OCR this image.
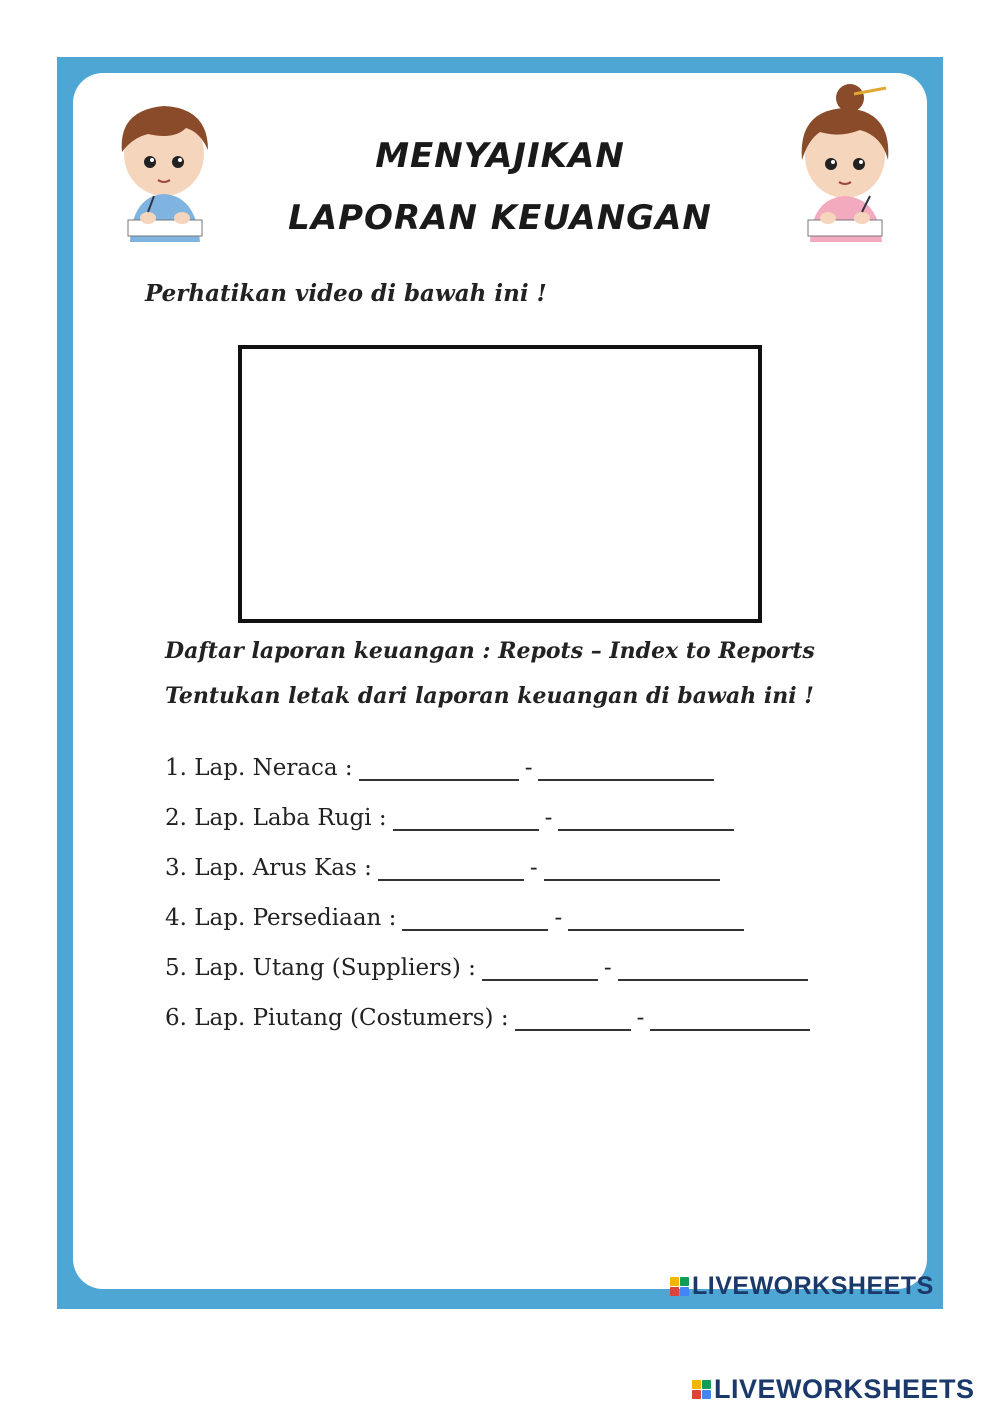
MENYAJIKAN
LAPORAN KEUANGAN
Perhatikan video di bawah ini !
Daftar laporan keuangan : Repots – Index to Reports
Tentukan letak dari laporan keuangan di bawah ini !
1. Lap. Neraca :	-
2. Lap. Laba Rugi :	-
3. Lap. Arus Kas :	-
4. Lap. Persediaan :	-
5. Lap. Utang (Suppliers) :	-
6. Lap. Piutang (Costumers) :	-
LIVEWORKSHEETS
LIVEWORKSHEETS
